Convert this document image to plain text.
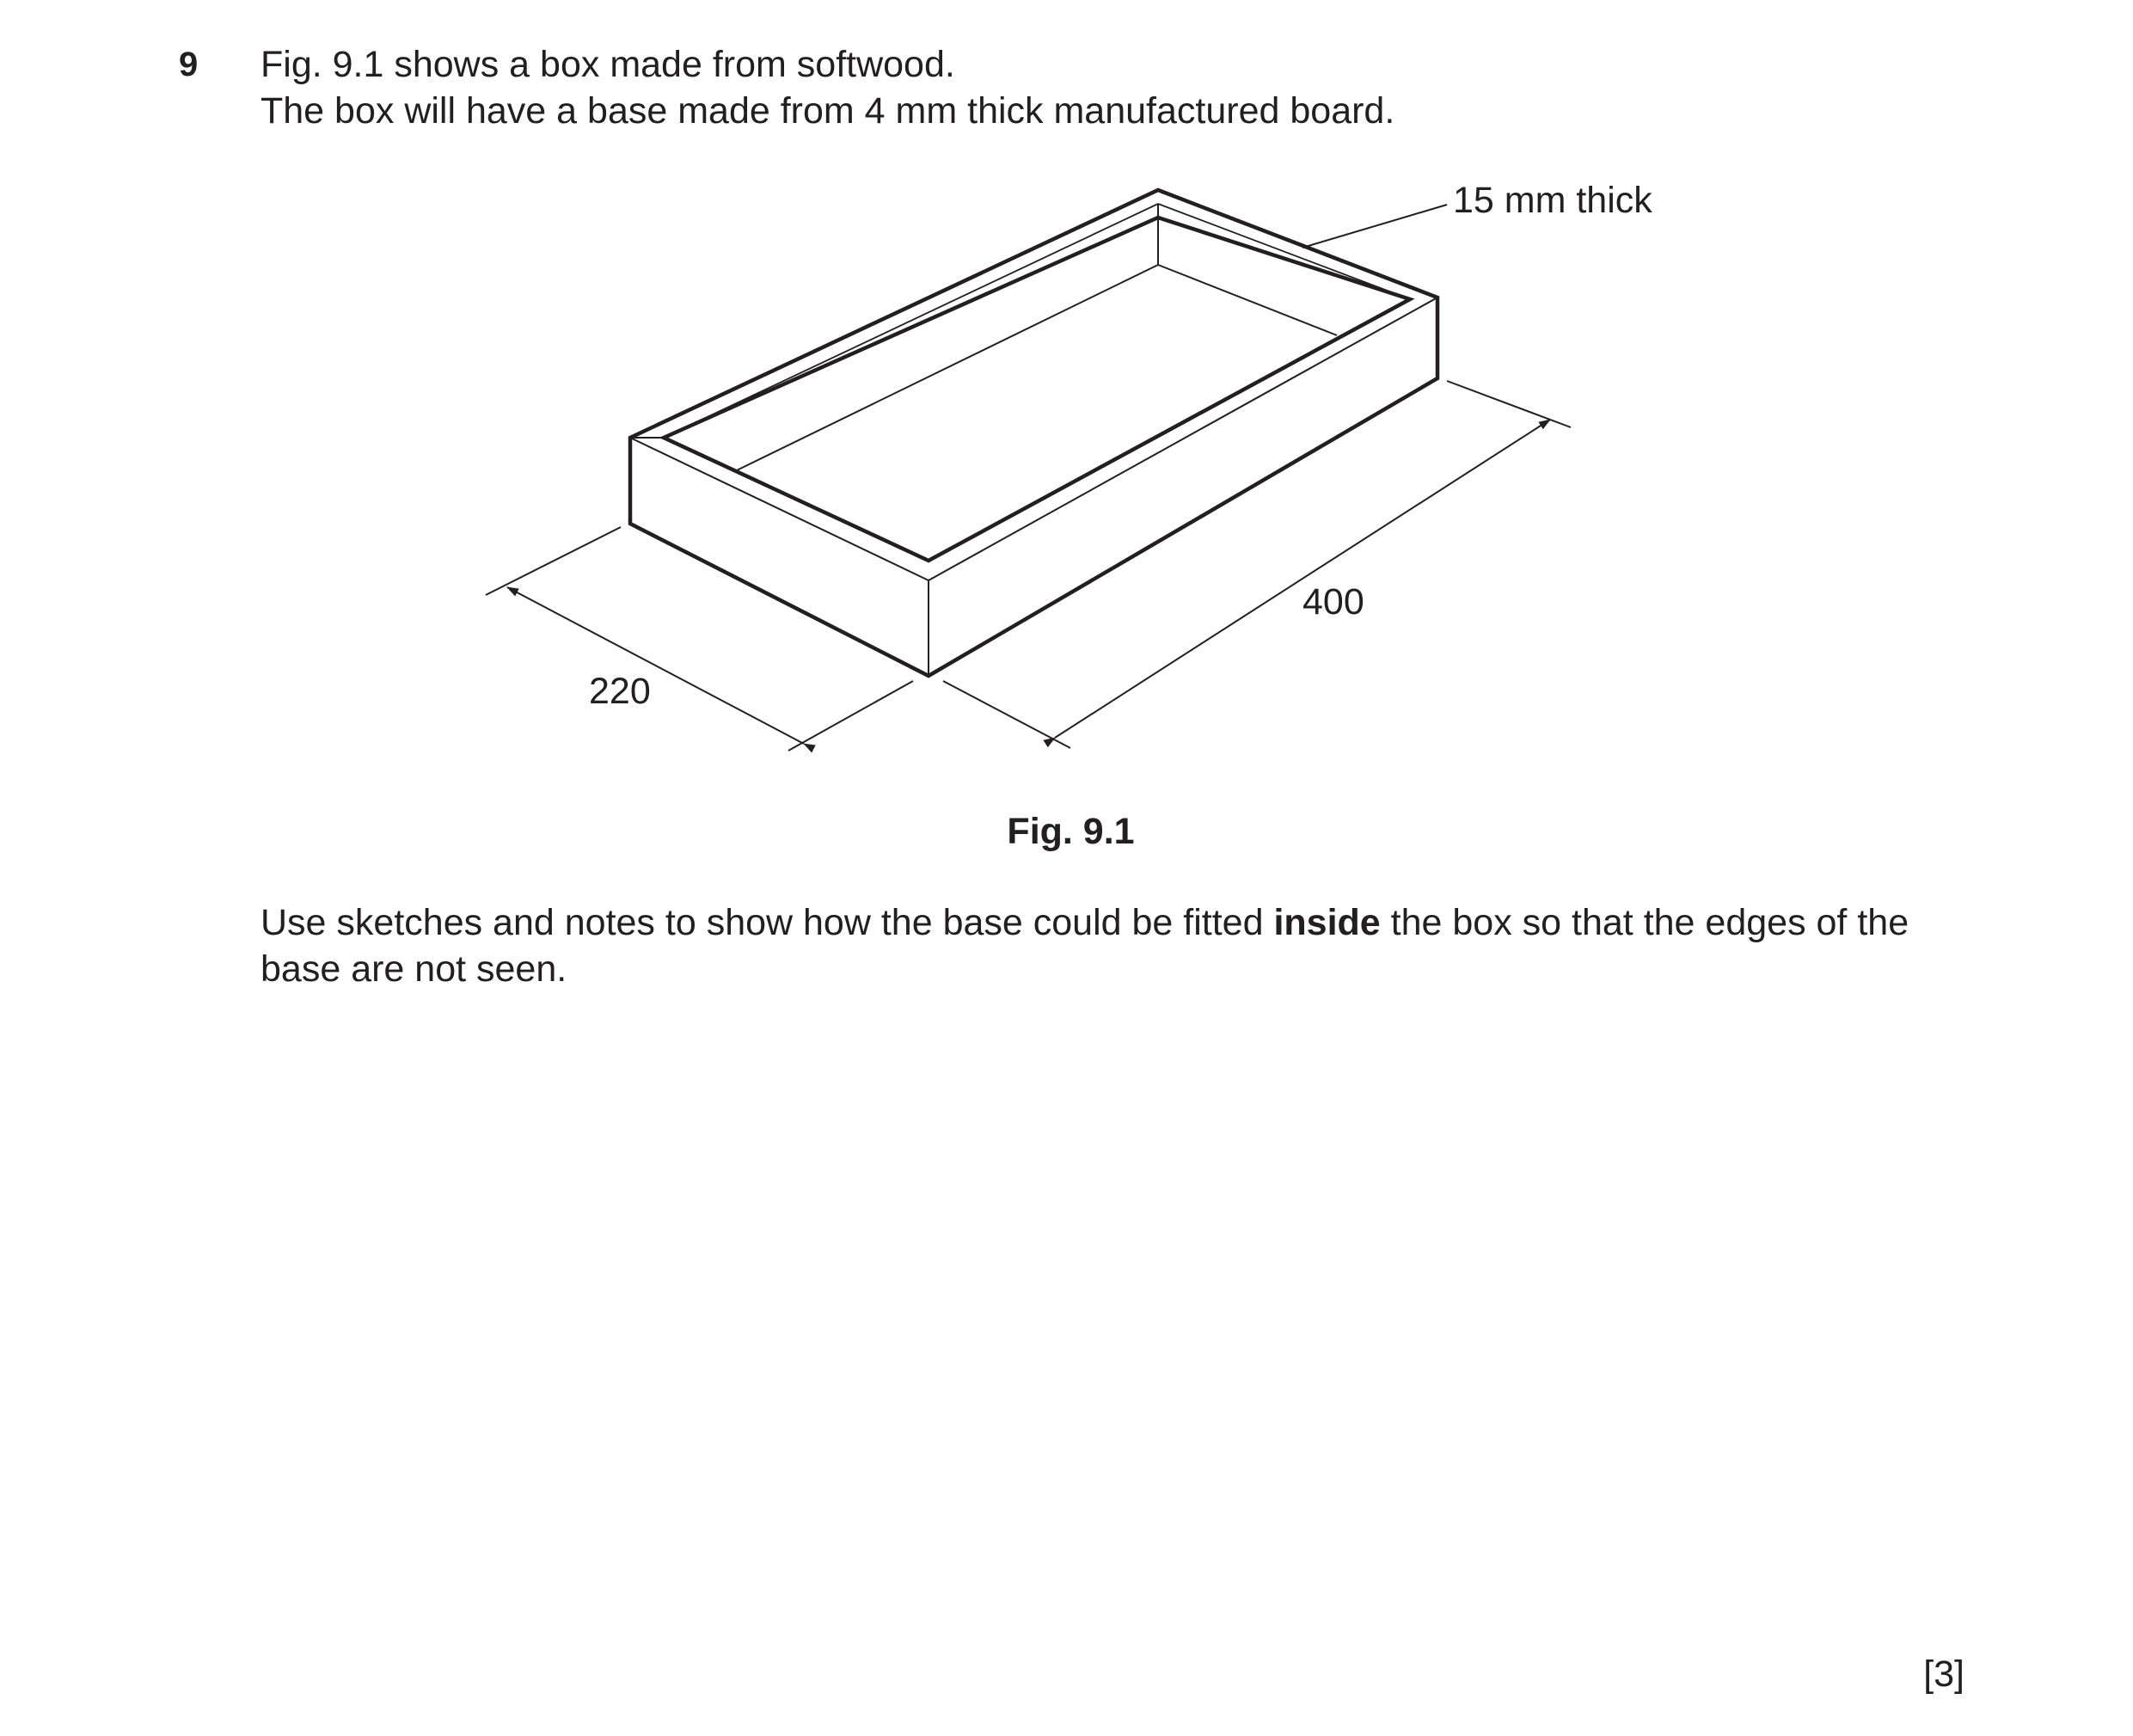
9 Fig. 9.1 shows a box made from softwood.
The box will have a base made from 4 mm thick manufactured board.
15 mm thick
220
400
Fig. 9.1
Use sketches and notes to show how the base could be fitted inside the box so that the edges of the base are not seen.
[3]
